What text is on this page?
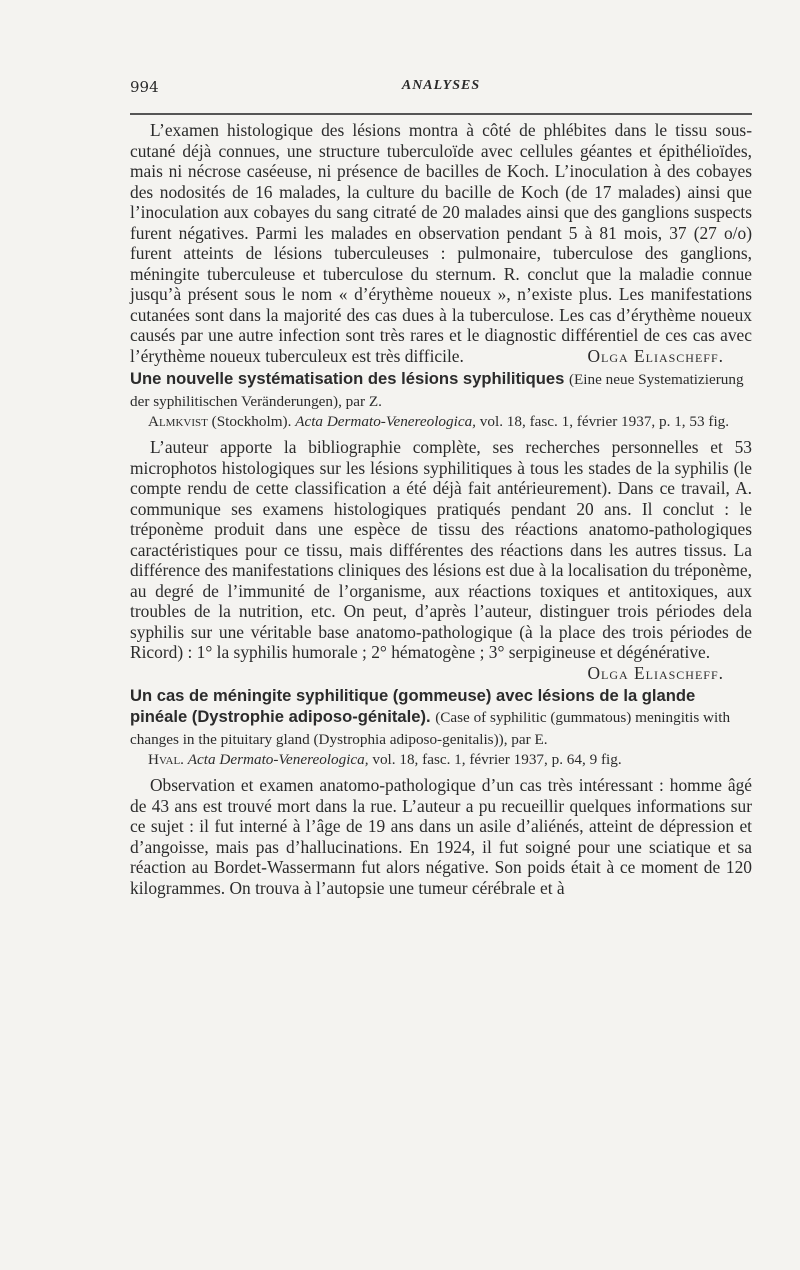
994	ANALYSES

L’examen histologique des lésions montra à côté de phlébites dans le tissu sous-cutané déjà connues, une structure tuberculoïde avec cellules géantes et épithélioïdes, mais ni nécrose caséeuse, ni présence de bacilles de Koch. L’inoculation à des cobayes des nodosités de 16 malades, la culture du bacille de Koch (de 17 malades) ainsi que l’inoculation aux cobayes du sang citraté de 20 malades ainsi que des ganglions suspects furent négatives. Parmi les malades en observation pendant 5 à 81 mois, 37 (27 o/o) furent atteints de lésions tuberculeuses : pulmonaire, tuberculose des ganglions, méningite tuberculeuse et tuberculose du sternum. R. conclut que la maladie connue jusqu’à présent sous le nom « d’érythème noueux », n’existe plus. Les manifestations cutanées sont dans la majorité des cas dues à la tuberculose. Les cas d’érythème noueux causés par une autre infection sont très rares et le diagnostic différentiel de ces cas avec l’érythème noueux tuberculeux est très difficile.	Olga Eliascheff.

Une nouvelle systématisation des lésions syphilitiques (Eine neue Systematizierung der syphilitischen Veränderungen), par Z.
Almkvist (Stockholm). Acta Dermato-Venereologica, vol. 18, fasc. 1, février 1937, p. 1, 53 fig.

L’auteur apporte la bibliographie complète, ses recherches personnelles et 53 microphotos histologiques sur les lésions syphilitiques à tous les stades de la syphilis (le compte rendu de cette classification a été déjà fait antérieurement). Dans ce travail, A. communique ses examens histologiques pratiqués pendant 20 ans. Il conclut : le tréponème produit dans une espèce de tissu des réactions anatomo-pathologiques caractéristiques pour ce tissu, mais différentes des réactions dans les autres tissus. La différence des manifestations cliniques des lésions est due à la localisation du tréponème, au degré de l’immunité de l’organisme, aux réactions toxiques et antitoxiques, aux troubles de la nutrition, etc. On peut, d’après l’auteur, distinguer trois périodes dela syphilis sur une véritable base anatomo-pathologique (à la place des trois périodes de Ricord) : 1° la syphilis humorale ; 2° hématogène ; 3° serpigineuse et dégénérative.
Olga Eliascheff.

Un cas de méningite syphilitique (gommeuse) avec lésions de la glande pinéale (Dystrophie adiposo-génitale). (Case of syphilitic (gummatous) meningitis with changes in the pituitary gland (Dystrophia adiposo-genitalis)), par E.
Hval. Acta Dermato-Venereologica, vol. 18, fasc. 1, février 1937, p. 64, 9 fig.

Observation et examen anatomo-pathologique d’un cas très intéressant : homme âgé de 43 ans est trouvé mort dans la rue. L’auteur a pu recueillir quelques informations sur ce sujet : il fut interné à l’âge de 19 ans dans un asile d’aliénés, atteint de dépression et d’angoisse, mais pas d’hallucinations. En 1924, il fut soigné pour une sciatique et sa réaction au Bordet-Wassermann fut alors négative. Son poids était à ce moment de 120 kilogrammes. On trouva à l’autopsie une tumeur cérébrale et à
